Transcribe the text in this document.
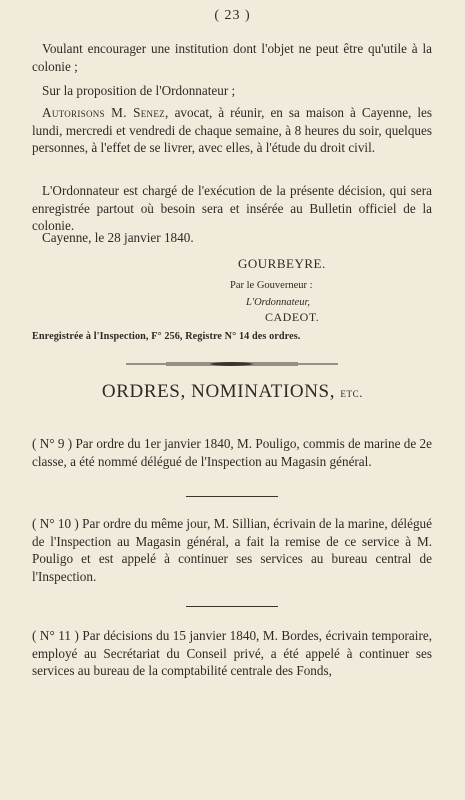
( 23 )
Voulant encourager une institution dont l'objet ne peut être qu'utile à la colonie ;
Sur la proposition de l'Ordonnateur ;
Autorisons M. Senez, avocat, à réunir, en sa maison à Cayenne, les lundi, mercredi et vendredi de chaque semaine, à 8 heures du soir, quelques personnes, à l'effet de se livrer, avec elles, à l'étude du droit civil.
L'Ordonnateur est chargé de l'exécution de la présente décision, qui sera enregistrée partout où besoin sera et insérée au Bulletin officiel de la colonie.
Cayenne, le 28 janvier 1840.
GOURBEYRE.
Par le Gouverneur :
L'Ordonnateur,
CADEOT.
Enregistrée à l'Inspection, F° 256, Registre N° 14 des ordres.
ORDRES, NOMINATIONS, etc.
( N° 9 ) Par ordre du 1er janvier 1840, M. Pouligo, commis de marine de 2e classe, a été nommé délégué de l'Inspection au Magasin général.
( N° 10 ) Par ordre du même jour, M. Sillian, écrivain de la marine, délégué de l'Inspection au Magasin général, a fait la remise de ce service à M. Pouligo et est appelé à continuer ses services au bureau central de l'Inspection.
( N° 11 ) Par décisions du 15 janvier 1840, M. Bordes, écrivain temporaire, employé au Secrétariat du Conseil privé, a été appelé à continuer ses services au bureau de la comptabilité centrale des Fonds,
